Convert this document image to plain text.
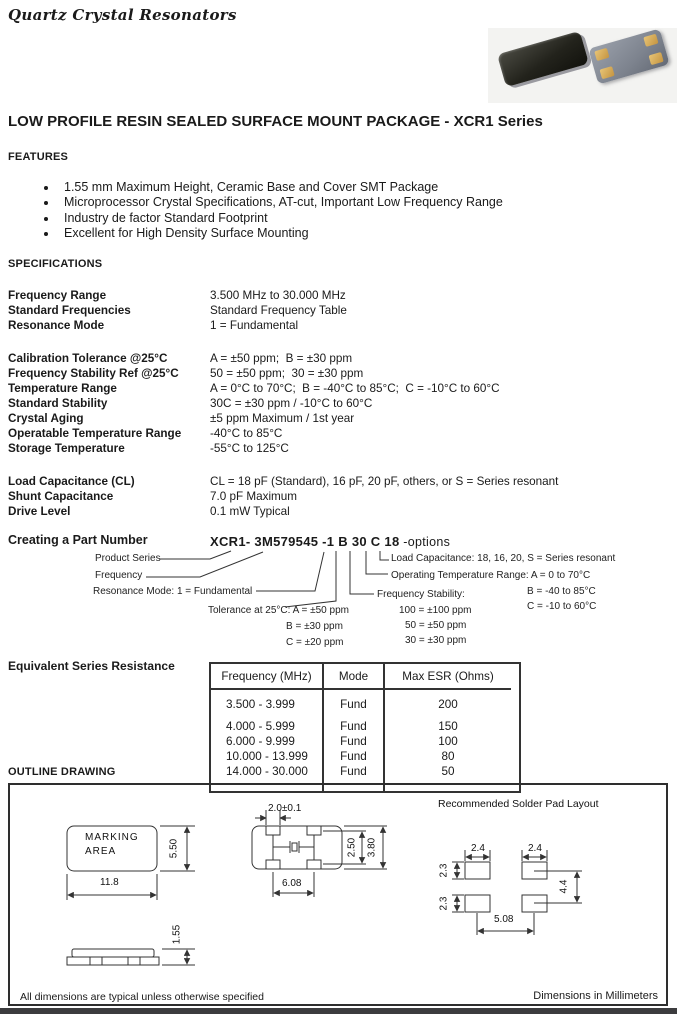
Quartz Crystal Resonators
LOW PROFILE RESIN SEALED SURFACE MOUNT PACKAGE - XCR1 Series
FEATURES
• 1.55 mm Maximum Height, Ceramic Base and Cover SMT Package
• Microprocessor Crystal Specifications, AT-cut, Important Low Frequency Range
• Industry de factor Standard Footprint
• Excellent for High Density Surface Mounting
SPECIFICATIONS
Frequency Range	3.500 MHz to 30.000 MHz
Standard Frequencies	Standard Frequency Table
Resonance Mode	1 = Fundamental
Calibration Tolerance @25°C	A = ±50 ppm;  B = ±30 ppm
Frequency Stability Ref @25°C	50 = ±50 ppm;  30 = ±30 ppm
Temperature Range	A = 0°C to 70°C;  B = -40°C to 85°C;  C = -10°C to 60°C
Standard Stability	30C = ±30 ppm / -10°C to 60°C
Crystal Aging	±5 ppm Maximum / 1st year
Operatable Temperature Range	-40°C to 85°C
Storage Temperature	-55°C to 125°C
Load Capacitance (CL)	CL = 18 pF (Standard), 16 pF, 20 pF, others, or S = Series resonant
Shunt Capacitance	7.0 pF Maximum
Drive Level	0.1 mW Typical
Creating a Part Number	XCR1- 3M579545 -1 B 30 C 18 -options
Product Series
Frequency
Resonance Mode: 1 = Fundamental
Tolerance at 25°C: A = ±50 ppm
B = ±30 ppm
C = ±20 ppm
Load Capacitance: 18, 16, 20, S = Series resonant
Operating Temperature Range: A = 0 to 70°C
B = -40 to 85°C
C = -10 to 60°C
Frequency Stability:
100 = ±100 ppm
50 = ±50 ppm
30 = ±30 ppm
Equivalent Series Resistance
Frequency (MHz)	Mode	Max ESR (Ohms)
3.500 - 3.999	Fund	200
4.000 - 5.999	Fund	150
6.000 - 9.999	Fund	100
10.000 - 13.999	Fund	80
14.000 - 30.000	Fund	50
OUTLINE DRAWING
MARKING
AREA	5.50
11.8
1.55
2.0±0.1
6.08
2.50 3.80
Recommended Solder Pad Layout
2.4	2.4
2.3
2.3
4.4
5.08
All dimensions are typical unless otherwise specified	Dimensions in Millimeters
